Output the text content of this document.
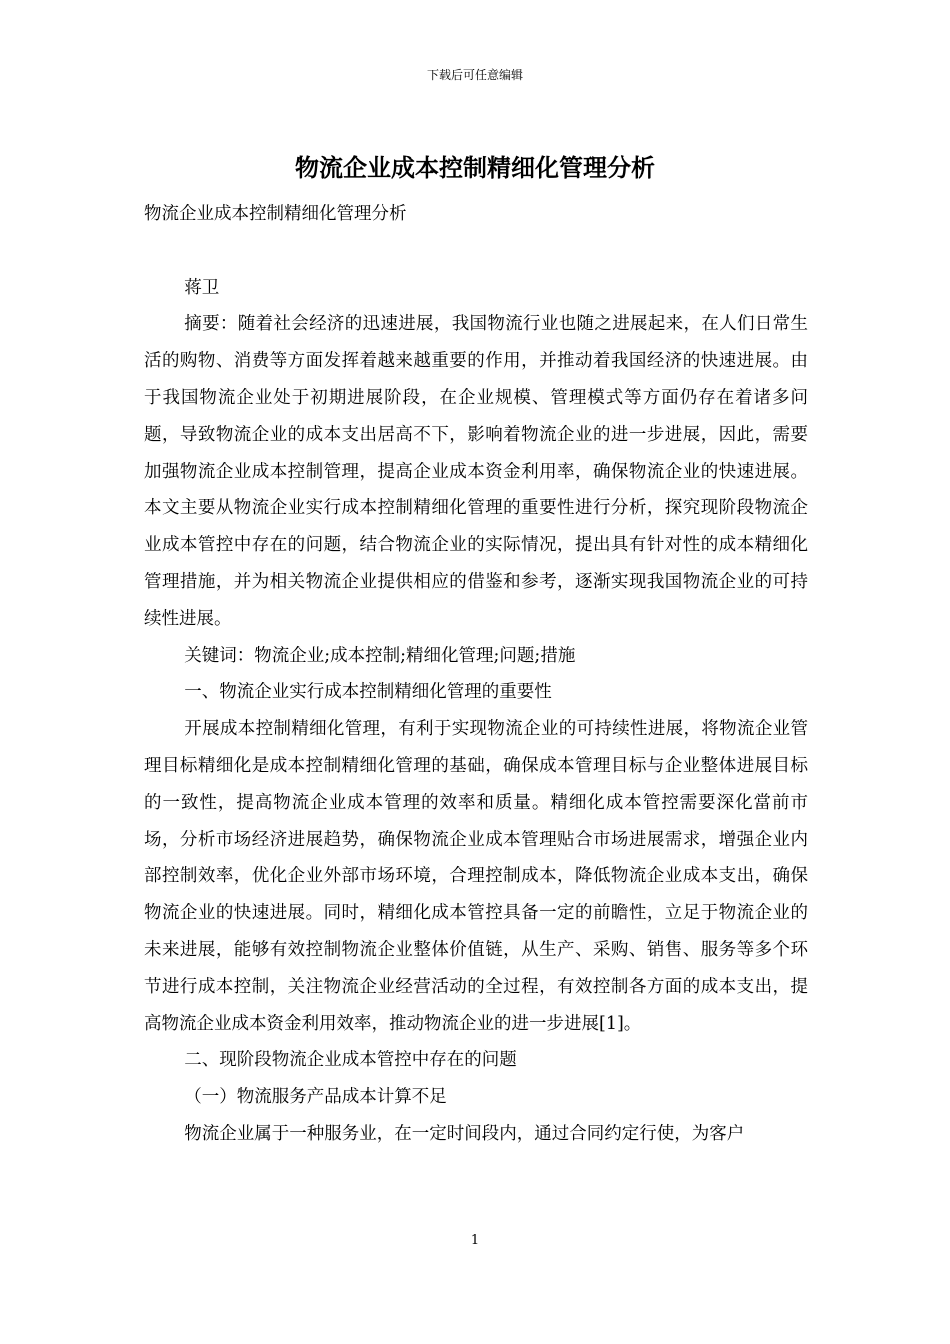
下载后可任意编辑
物流企业成本控制精细化管理分析

物流企业成本控制精细化管理分析

蒋卫

摘要：随着社会经济的迅速进展，我国物流行业也随之进展起来，在人们日常生活的购物、消费等方面发挥着越来越重要的作用，并推动着我国经济的快速进展。由于我国物流企业处于初期进展阶段，在企业规模、管理模式等方面仍存在着诸多问题，导致物流企业的成本支出居高不下，影响着物流企业的进一步进展，因此，需要加强物流企业成本控制管理，提高企业成本资金利用率，确保物流企业的快速进展。本文主要从物流企业实行成本控制精细化管理的重要性进行分析，探究现阶段物流企业成本管控中存在的问题，结合物流企业的实际情况，提出具有针对性的成本精细化管理措施，并为相关物流企业提供相应的借鉴和参考，逐渐实现我国物流企业的可持续性进展。

关键词：物流企业;成本控制;精细化管理;问题;措施

一、物流企业实行成本控制精细化管理的重要性

开展成本控制精细化管理，有利于实现物流企业的可持续性进展，将物流企业管理目标精细化是成本控制精细化管理的基础，确保成本管理目标与企业整体进展目标的一致性，提高物流企业成本管理的效率和质量。精细化成本管控需要深化當前市场，分析市场经济进展趋势，确保物流企业成本管理贴合市场进展需求，增强企业内部控制效率，优化企业外部市场环境，合理控制成本，降低物流企业成本支出，确保物流企业的快速进展。同时，精细化成本管控具备一定的前瞻性，立足于物流企业的未来进展，能够有效控制物流企业整体价值链，从生产、采购、销售、服务等多个环节进行成本控制，关注物流企业经营活动的全过程，有效控制各方面的成本支出，提高物流企业成本资金利用效率，推动物流企业的进一步进展[1]。

二、现阶段物流企业成本管控中存在的问题

（一）物流服务产品成本计算不足

物流企业属于一种服务业，在一定时间段内，通过合同约定行使，为客户

1
